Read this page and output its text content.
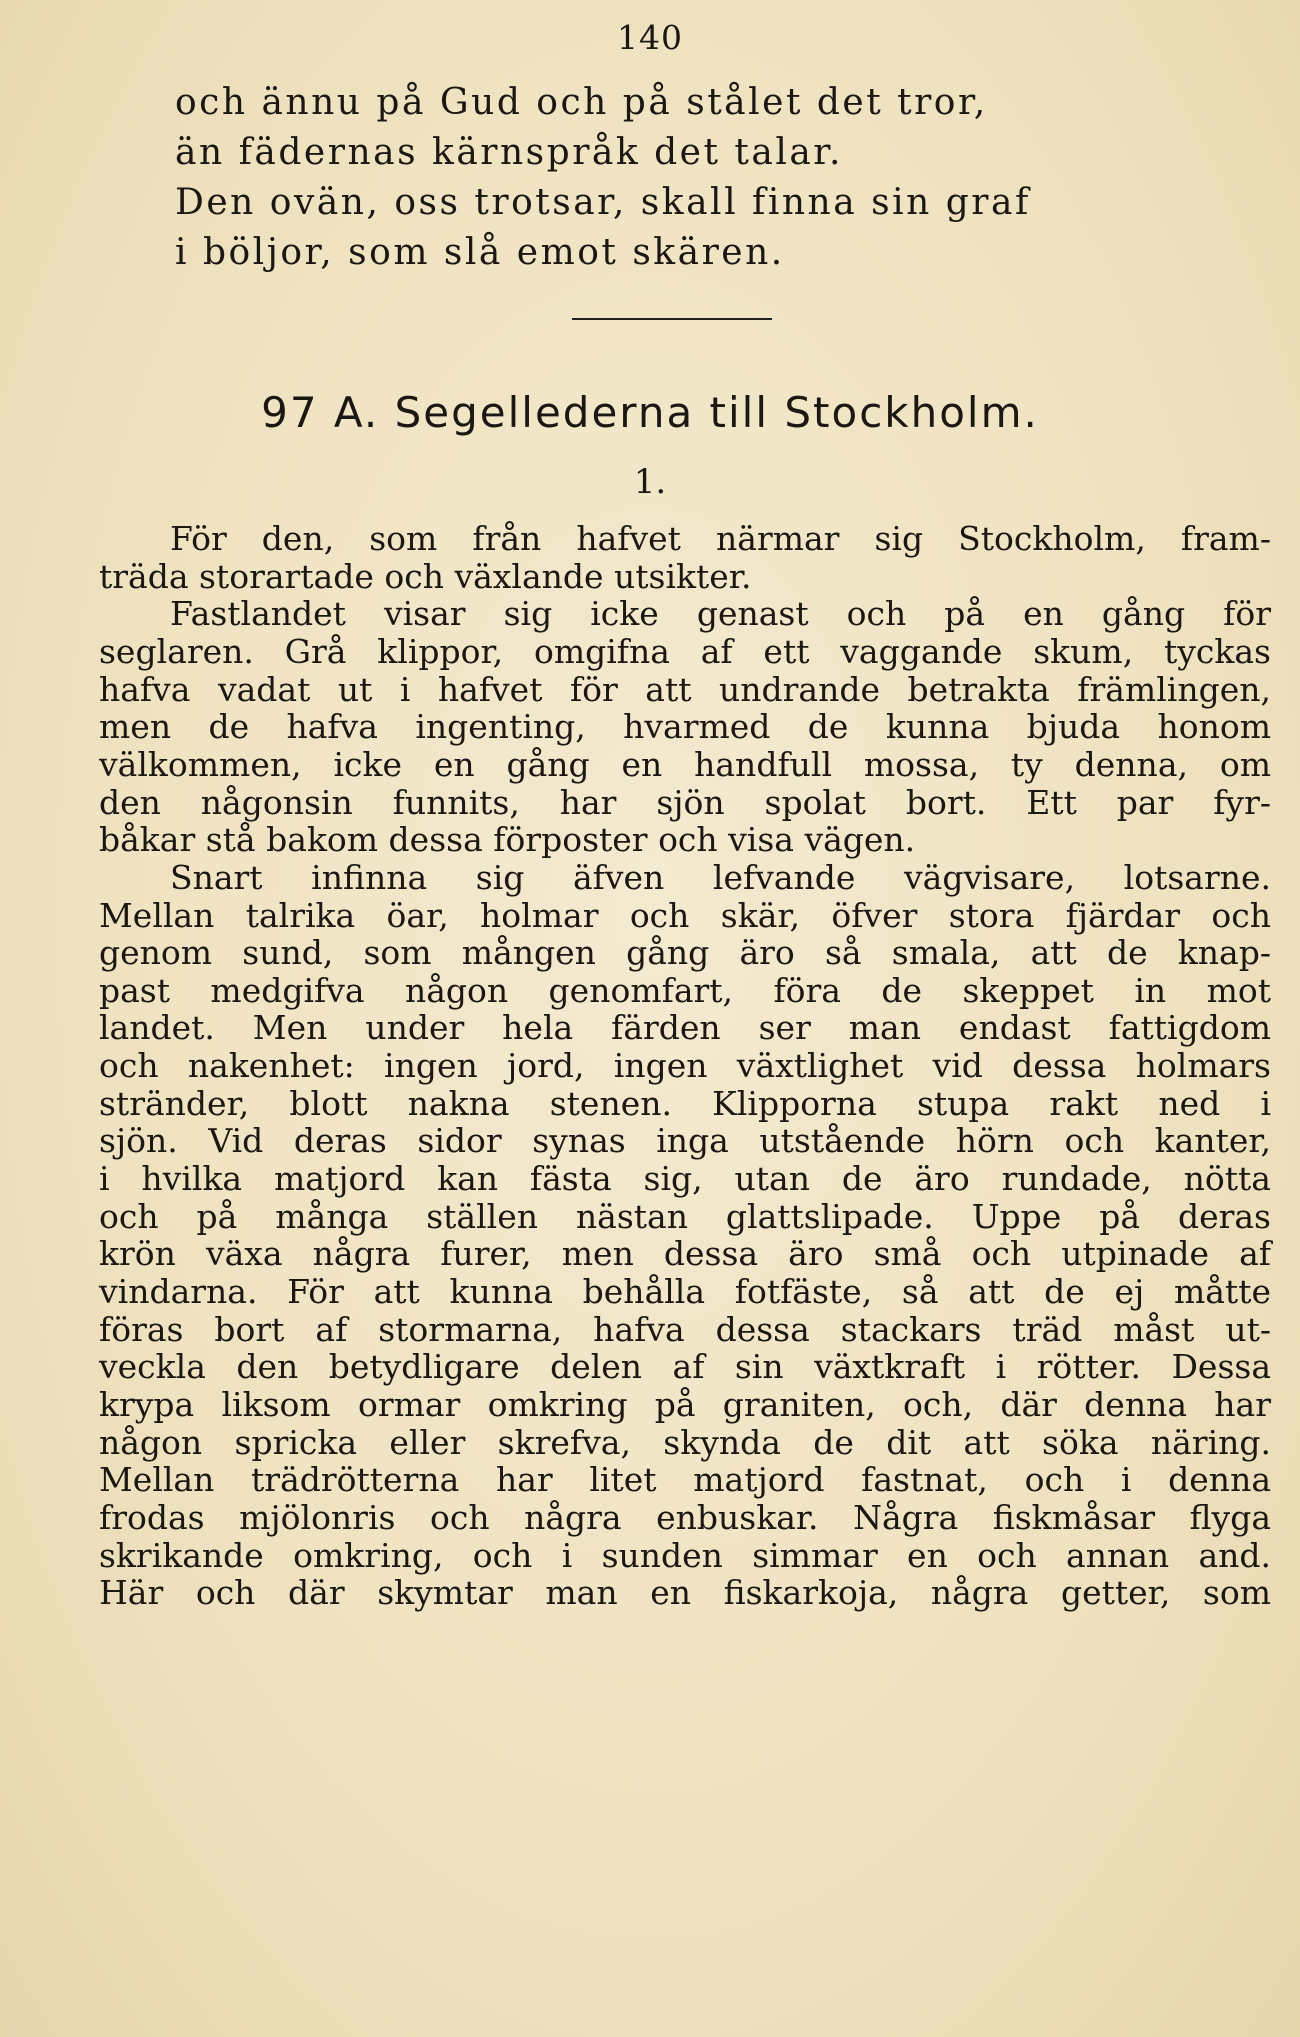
140
och ännu på Gud och på stålet det tror,
än fädernas kärnspråk det talar.
Den ovän, oss trotsar, skall finna sin graf
i böljor, som slå emot skären.
97 A. Segellederna till Stockholm.
1.
För den, som från hafvet närmar sig Stockholm, fram-
träda storartade och växlande utsikter.
Fastlandet visar sig icke genast och på en gång för
seglaren. Grå klippor, omgifna af ett vaggande skum, tyckas
hafva vadat ut i hafvet för att undrande betrakta främlingen,
men de hafva ingenting, hvarmed de kunna bjuda honom
välkommen, icke en gång en handfull mossa, ty denna, om
den någonsin funnits, har sjön spolat bort. Ett par fyr-
båkar stå bakom dessa förposter och visa vägen.
Snart infinna sig äfven lefvande vägvisare, lotsarne.
Mellan talrika öar, holmar och skär, öfver stora fjärdar och
genom sund, som mången gång äro så smala, att de knap-
past medgifva någon genomfart, föra de skeppet in mot
landet. Men under hela färden ser man endast fattigdom
och nakenhet: ingen jord, ingen växtlighet vid dessa holmars
stränder, blott nakna stenen. Klipporna stupa rakt ned i
sjön. Vid deras sidor synas inga utstående hörn och kanter,
i hvilka matjord kan fästa sig, utan de äro rundade, nötta
och på många ställen nästan glattslipade. Uppe på deras
krön växa några furer, men dessa äro små och utpinade af
vindarna. För att kunna behålla fotfäste, så att de ej måtte
föras bort af stormarna, hafva dessa stackars träd måst ut-
veckla den betydligare delen af sin växtkraft i rötter. Dessa
krypa liksom ormar omkring på graniten, och, där denna har
någon spricka eller skrefva, skynda de dit att söka näring.
Mellan trädrötterna har litet matjord fastnat, och i denna
frodas mjölonris och några enbuskar. Några fiskmåsar flyga
skrikande omkring, och i sunden simmar en och annan and.
Här och där skymtar man en fiskarkoja, några getter, som
